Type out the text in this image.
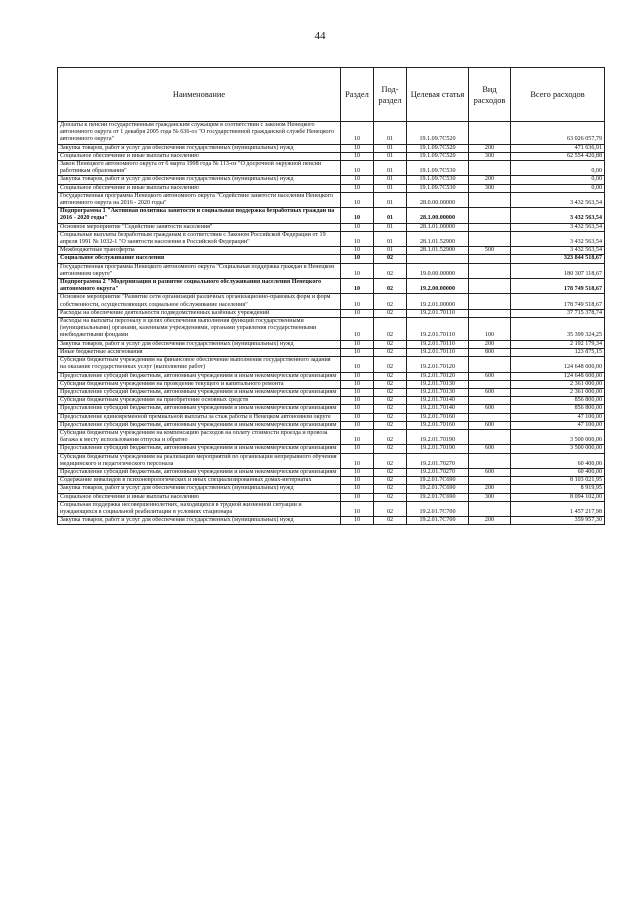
44
Наименование	Раздел	Под-раздел	Целевая статья	Вид расходов	Всего расходов
Доплаты к пенсии государственным гражданским служащим в соответствии с законом Ненецкого автономного округа от 1 декабря 2005 года № 636-оз "О государственной гражданской службе Ненецкого автономного округа"	10	01	19.1.09.7С520		63 026 057,79
Закупка товаров, работ и услуг для обеспечения государственных (муниципальных) нужд	10	01	19.1.09.7С520	200	471 636,91
Социальное обеспечение и иные выплаты населению	10	01	19.1.09.7С520	300	62 554 420,88
Закон Ненецкого автономного округа от 6 марта 1998 года № 113-оз "О досрочной окружной пенсии работникам образования"	10	01	19.1.09.7С530		0,00
Закупка товаров, работ и услуг для обеспечения государственных (муниципальных) нужд	10	01	19.1.09.7С530	200	0,00
Социальное обеспечение и иные выплаты населению	10	01	19.1.09.7С530	300	0,00
Государственная программа Ненецкого автономного округа "Содействие занятости населения Ненецкого автономного округа на 2016 - 2020 годы"	10	01	28.0.00.00000		3 432 563,54
Подпрограмма 1 "Активная политика занятости и социальная поддержка безработных граждан на 2016 - 2020 годы"	10	01	28.1.00.00000		3 432 563,54
Основное мероприятие "Содействие занятости населения"	10	01	28.1.01.00000		3 432 563,54
Социальные выплаты безработным гражданам в соответствии с Законом Российской Федерации от 19 апреля 1991 № 1032-1 "О занятости населения в Российской Федерации"	10	01	28.1.01.52900		3 432 563,54
Межбюджетные трансферты	10	01	28.1.01.52900	500	3 432 563,54
Социальное обслуживание населения	10	02			323 844 518,67
Государственная программа Ненецкого автономного округа "Социальная поддержка граждан в Ненецком автономном округе"	10	02	19.0.00.00000		180 307 118,67
Подпрограмма 2 "Модернизация и развитие социального обслуживания населения Ненецкого автономного округа"	10	02	19.2.00.00000		178 749 518,67
Основное мероприятие "Развитие сети организаций различных организационно-правовых форм и форм собственности, осуществляющих социальное обслуживание населения"	10	02	19.2.01.00000		178 749 518,67
Расходы на обеспечение деятельности подведомственных казённых учреждений	10	02	19.2.01.70110		37 715 378,74
Расходы на выплаты персоналу в целях обеспечения выполнения функций государственными (муниципальными) органами, казенными учреждениями, органами управления государственными внебюджетными фондами	10	02	19.2.01.70110	100	35 399 324,25
Закупка товаров, работ и услуг для обеспечения государственных (муниципальных) нужд	10	02	19.2.01.70110	200	2 192 179,34
Иные бюджетные ассигнования	10	02	19.2.01.70110	800	123 875,15
Субсидии бюджетным учреждениям на финансовое обеспечение выполнения государственного задания на оказание государственных услуг (выполнение работ)	10	02	19.2.01.70120		124 648 600,00
Предоставление субсидий бюджетным, автономным учреждениям и иным некоммерческим организациям	10	02	19.2.01.70120	600	124 648 600,00
Субсидии бюджетным учреждениям на проведение текущего и капитального ремонта	10	02	19.2.01.70130		2 361 000,00
Предоставление субсидий бюджетным, автономным учреждениям и иным некоммерческим организациям	10	02	19.2.01.70130	600	2 361 000,00
Субсидии бюджетным учреждениям на приобретение основных средств	10	02	19.2.01.70140		856 800,00
Предоставление субсидий бюджетным, автономным учреждениям и иным некоммерческим организациям	10	02	19.2.01.70140	600	856 800,00
Предоставление единовременной премиальной выплаты за стаж работы в Ненецком автономном округе	10	02	19.2.01.70160		47 100,00
Предоставление субсидий бюджетным, автономным учреждениям и иным некоммерческим организациям	10	02	19.2.01.70160	600	47 100,00
Субсидии бюджетным учреждениям на компенсацию расходов на оплату стоимости проезда и провоза багажа к месту использования отпуска и обратно	10	02	19.2.01.70190		3 500 000,00
Предоставление субсидий бюджетным, автономным учреждениям и иным некоммерческим организациям	10	02	19.2.01.70190	600	3 500 000,00
Субсидии бюджетным учреждениям на реализацию мероприятий по организации непрерывного обучения медицинского и педагогического персонала	10	02	19.2.01.70270		60 400,00
Предоставление субсидий бюджетным, автономным учреждениям и иным некоммерческим организациям	10	02	19.2.01.70270	600	60 400,00
Содержание инвалидов в психоневрологических и иных специализированных домах-интернатах	10	02	19.2.01.7С690		8 103 021,95
Закупка товаров, работ и услуг для обеспечения государственных (муниципальных) нужд	10	02	19.2.01.7С690	200	8 919,95
Социальное обеспечение и иные выплаты населению	10	02	19.2.01.7С690	300	8 094 102,00
Социальная поддержка несовершеннолетних, находящихся в трудной жизненной ситуации и нуждающихся в социальной реабилитации в условиях стационара	10	02	19.2.01.7С700		1 457 217,98
Закупка товаров, работ и услуг для обеспечения государственных (муниципальных) нужд	10	02	19.2.01.7С700	200	359 957,30
